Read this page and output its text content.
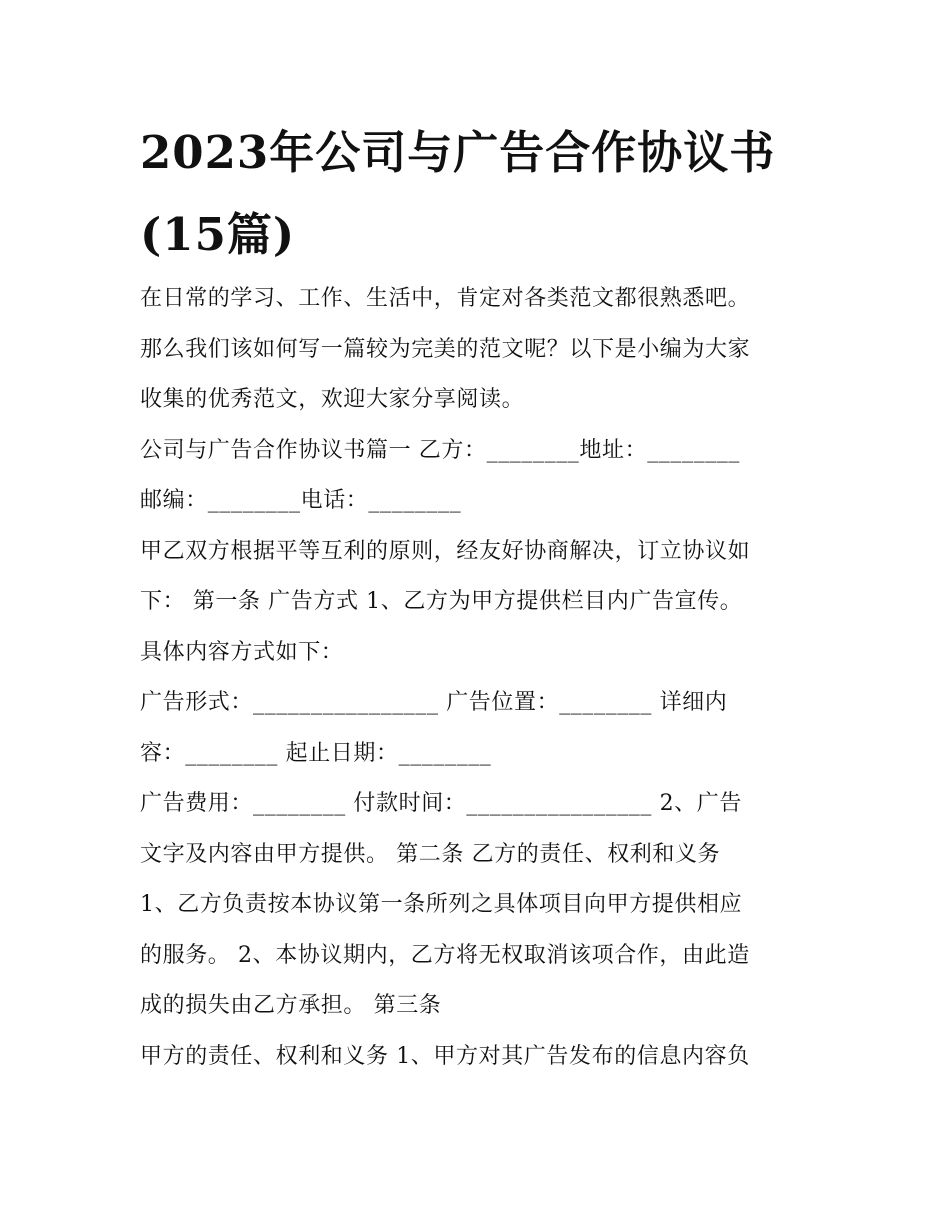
2023年公司与广告合作协议书
(15篇)
在日常的学习、工作、生活中，肯定对各类范文都很熟悉吧。
那么我们该如何写一篇较为完美的范文呢？以下是小编为大家
收集的优秀范文，欢迎大家分享阅读。
公司与广告合作协议书篇一 乙方：________地址：________
邮编：________电话：________
甲乙双方根据平等互利的原则，经友好协商解决，订立协议如
下： 第一条 广告方式 1、乙方为甲方提供栏目内广告宣传。
具体内容方式如下：
广告形式：________________ 广告位置：________ 详细内
容：________ 起止日期：________
广告费用：________ 付款时间：________________ 2、广告
文字及内容由甲方提供。 第二条 乙方的责任、权利和义务
1、乙方负责按本协议第一条所列之具体项目向甲方提供相应
的服务。 2、本协议期内，乙方将无权取消该项合作，由此造
成的损失由乙方承担。 第三条
甲方的责任、权利和义务 1、甲方对其广告发布的信息内容负
